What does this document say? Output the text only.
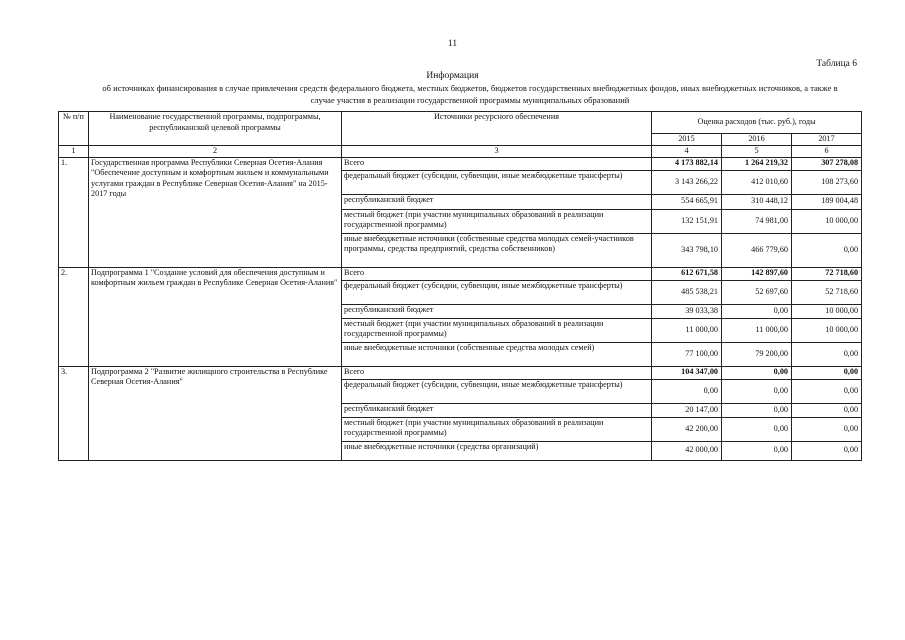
11
Таблица 6
Информация
об источниках финансирования в случае привлечения средств федерального бюджета, местных бюджетов, бюджетов государственных внебюджетных фондов, иных внебюджетных источников, а также в случае участия в реализации государственной программы муниципальных образований
№ п/п	Наименование государственной программы, подпрограммы, республиканской целевой программы	Источники ресурсного обеспечения	Оценка расходов (тыс. руб.), годы		
			2015	2016	2017
1	2	3	4	5	6
1.	Государственная программа Республики Северная Осетия-Алания "Обеспечение доступным и комфортным жильем и коммунальными услугами граждан в Республике Северная Осетия-Алания" на 2015-2017 годы	Всего	4 173 882,14	1 264 219,32	307 278,08
		федеральный бюджет (субсидии, субвенции, иные межбюджетные трансферты)	3 143 266,22	412 010,60	108 273,60
		республиканский бюджет	554 665,91	310 448,12	189 004,48
		местный бюджет (при участии муниципальных образований в реализации государственной программы)	132 151,91	74 981,00	10 000,00
		иные внебюджетные источники (собственные средства молодых семей-участников программы, средства предприятий, средства собственников)	343 798,10	466 779,60	0,00
2.	Подпрограмма 1 "Создание условий для обеспечения доступным и комфортным жильем граждан в Республике Северная Осетия-Алания"	Всего	612 671,58	142 897,60	72 718,60
		федеральный бюджет (субсидии, субвенции, иные межбюджетные трансферты)	485 538,21	52 697,60	52 718,60
		республиканский бюджет	39 033,38	0,00	10 000,00
		местный бюджет (при участии муниципальных образований в реализации государственной программы)	11 000,00	11 000,00	10 000,00
		иные внебюджетные источники (собственные средства молодых семей)	77 100,00	79 200,00	0,00
3.	Подпрограмма 2 "Развитие жилищного строительства в Республике Северная Осетия-Алания"	Всего	104 347,00	0,00	0,00
		федеральный бюджет (субсидии, субвенции, иные межбюджетные трансферты)	0,00	0,00	0,00
		республиканский бюджет	20 147,00	0,00	0,00
		местный бюджет (при участии муниципальных образований в реализации государственной программы)	42 200,00	0,00	0,00
		иные внебюджетные источники (средства организаций)	42 000,00	0,00	0,00
